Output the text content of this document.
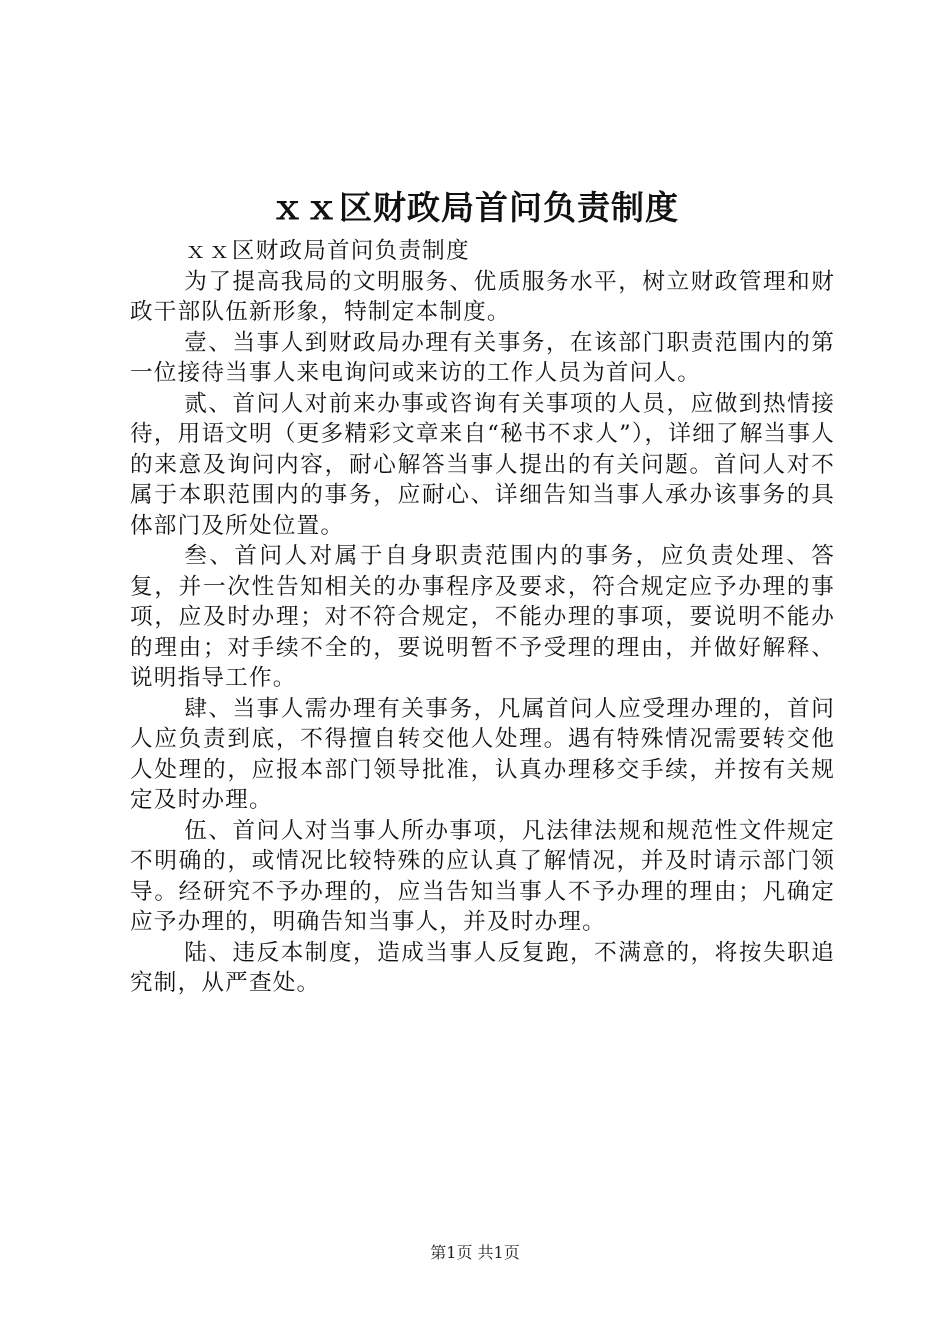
ｘｘ区财政局首问负责制度

ｘｘ区财政局首问负责制度

为了提高我局的文明服务、优质服务水平，树立财政管理和财政干部队伍新形象，特制定本制度。

壹、当事人到财政局办理有关事务，在该部门职责范围内的第一位接待当事人来电询问或来访的工作人员为首问人。

贰、首问人对前来办事或咨询有关事项的人员，应做到热情接待，用语文明（更多精彩文章来自“秘书不求人”），详细了解当事人的来意及询问内容，耐心解答当事人提出的有关问题。首问人对不属于本职范围内的事务，应耐心、详细告知当事人承办该事务的具体部门及所处位置。

叁、首问人对属于自身职责范围内的事务，应负责处理、答复，并一次性告知相关的办事程序及要求，符合规定应予办理的事项，应及时办理；对不符合规定，不能办理的事项，要说明不能办的理由；对手续不全的，要说明暂不予受理的理由，并做好解释、说明指导工作。

肆、当事人需办理有关事务，凡属首问人应受理办理的，首问人应负责到底，不得擅自转交他人处理。遇有特殊情况需要转交他人处理的，应报本部门领导批准，认真办理移交手续，并按有关规定及时办理。

伍、首问人对当事人所办事项，凡法律法规和规范性文件规定不明确的，或情况比较特殊的应认真了解情况，并及时请示部门领导。经研究不予办理的，应当告知当事人不予办理的理由；凡确定应予办理的，明确告知当事人，并及时办理。

陆、违反本制度，造成当事人反复跑，不满意的，将按失职追究制，从严查处。

第1页 共1页
